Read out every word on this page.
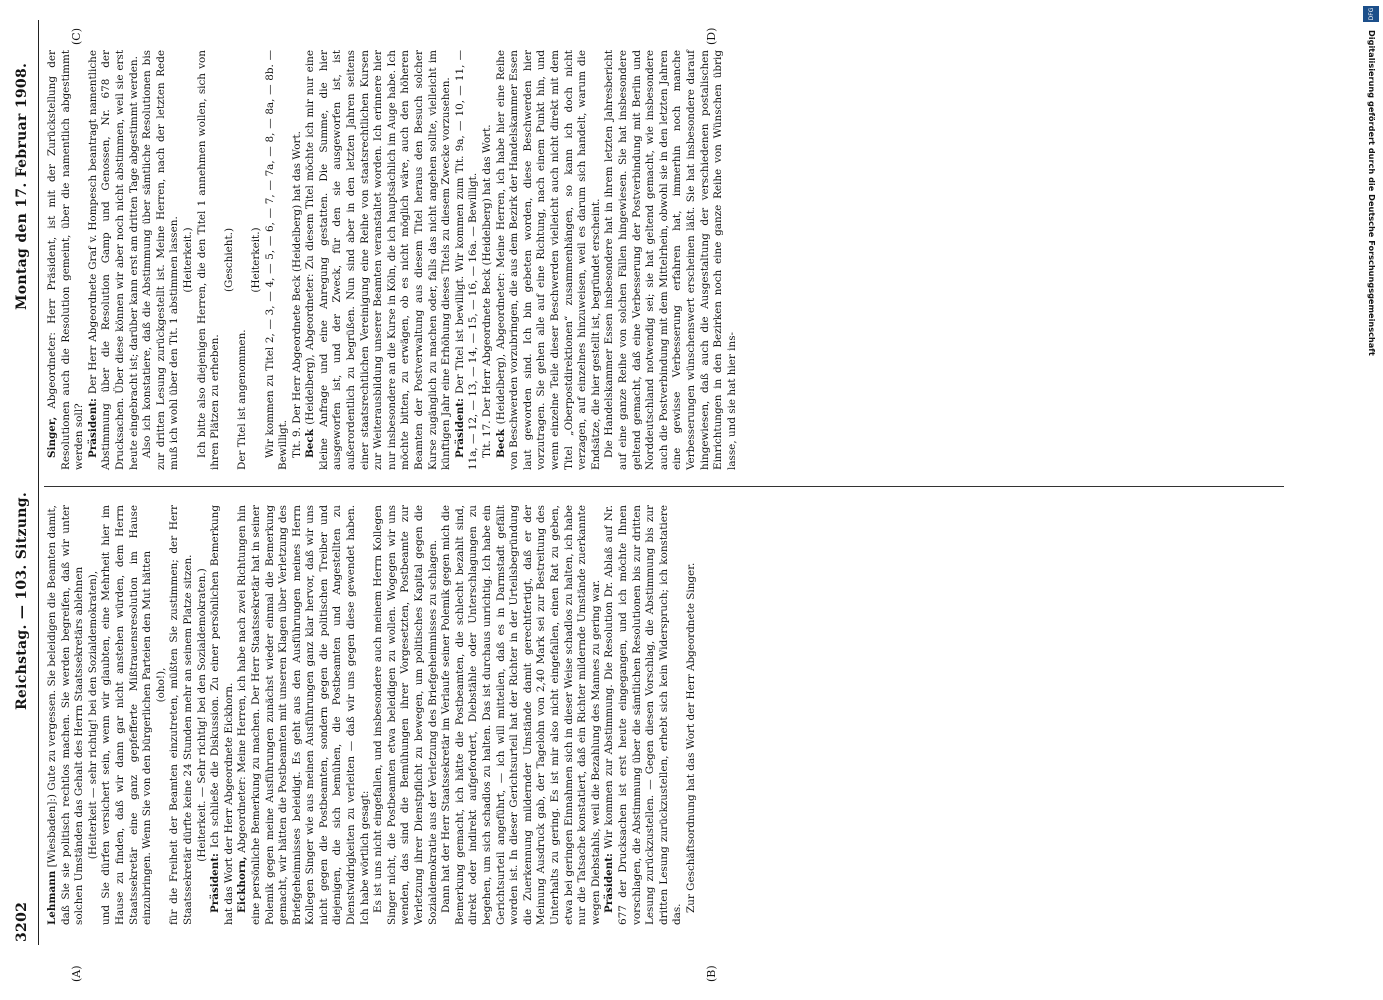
3202
Reichstag. — 103. Sitzung.
Montag den 17. Februar 1908.
(A)	(B)
(C)	(D)

Lehmann [Wiesbaden]:) Gute zu vergessen. Sie beleidigen die Beamten damit, daß Sie sie politisch rechtlos machen. Sie werden begreifen, daß wir unter solchen Umständen das Gehalt des Herrn Staatssekretärs ablehnen (Heiterkeit — sehr richtig! bei den Sozialdemokraten), und Sie dürfen versichert sein, wenn wir glaubten, eine Mehrheit hier im Hause zu finden, daß wir dann gar nicht anstehen würden, dem Herrn Staatssekretär eine ganz gepfefferte Mißtrauensresolution im Hause einzubringen. Wenn Sie von den bürgerlichen Parteien den Mut hätten (oho!), für die Freiheit der Beamten einzutreten, müßten Sie zustimmen; der Herr Staatssekretär dürfte keine 24 Stunden mehr an seinem Platze sitzen. (Heiterkeit. — Sehr richtig! bei den Sozialdemokraten.)

Präsident: Ich schließe die Diskussion. Zu einer persönlichen Bemerkung hat das Wort der Herr Abgeordnete Eickhorn. Eickhorn, Abgeordneter: Meine Herren, ich habe nach zwei Richtungen hin eine persönliche Bemerkung zu machen. Der Herr Staatssekretär hat in seiner Polemik gegen meine Ausführungen zunächst wieder einmal die Bemerkung gemacht, wir hätten die Postbeamten mit unseren Klagen über Verletzung des Briefgeheimnisses beleidigt. Es geht aus den Ausführungen meines Herrn Kollegen Singer wie aus meinen Ausführungen ganz klar hervor, daß wir uns nicht gegen die Postbeamten, sondern gegen die politischen Treiber und diejenigen, die sich bemühen, die Postbeamten und Angestellten zu Dienstwidrigkeiten zu verleiten — daß wir uns gegen diese gewendet haben. Ich habe wörtlich gesagt: Es ist uns nicht eingefallen, und insbesondere auch meinem Herrn Kollegen Singer nicht, die Postbeamten etwa beleidigen zu wollen. Wogegen wir uns wenden, das sind die Bemühungen ihrer Vorgesetzten, Postbeamte zur Verletzung ihrer Dienstpflicht zu bewegen, um politisches Kapital gegen die Sozialdemokratie aus der Verletzung des Briefgeheimnisses zu schlagen. Dann hat der Herr Staatssekretär im Verlaufe seiner Polemik gegen mich die Bemerkung gemacht, ich hätte die Postbeamten, die schlecht bezahlt sind, direkt oder indirekt aufgefordert, Diebstähle oder Unterschlagungen zu begehen, um sich schadlos zu halten. Das ist durchaus unrichtig. Ich habe ein Gerichtsurteil angeführt, — ich will mitteilen, daß es in Darmstadt gefällt worden ist. In dieser Gerichtsurteil hat der Richter in der Urteilsbegründung die Zuerkennung mildernder Umstände damit gerechtfertigt, daß er der Meinung Ausdruck gab, der Tagelohn von 2,40 Mark sei zur Bestreitung des Unterhalts zu gering. Es ist mir also nicht eingefallen, einen Rat zu geben, etwa bei geringen Einnahmen sich in dieser Weise schadlos zu halten, ich habe nur die Tatsache konstatiert, daß ein Richter mildernde Umstände zuerkannte wegen Diebstahls, weil die Bezahlung des Mannes zu gering war. Präsident: Wir kommen zur Abstimmung. Die Resolution Dr. Ablaß auf Nr. 677 der Drucksachen ist erst heute eingegangen, und ich möchte Ihnen vorschlagen, die Abstimmung über die sämtlichen Resolutionen bis zur dritten Lesung zurückzustellen. — Gegen diesen Vorschlag, die Abstimmung bis zur dritten Lesung zurückzustellen, erhebt sich kein Widerspruch; ich konstatiere das.

Zur Geschäftsordnung hat das Wort der Herr Abgeordnete Singer.

Singer, Abgeordneter: Herr Präsident, ist mit der Zurückstellung der Resolutionen auch die Resolution gemeint, über die namentlich abgestimmt werden soll? Präsident: Der Herr Abgeordnete Graf v. Hompesch beantragt namentliche Abstimmung über die Resolution Gamp und Genossen, Nr. 678 der Drucksachen. Über diese können wir aber noch nicht abstimmen, weil sie erst heute eingebracht ist; darüber kann erst am dritten Tage abgestimmt werden. Also ich konstatiere, daß die Abstimmung über sämtliche Resolutionen bis zur dritten Lesung zurückgestellt ist. Meine Herren, nach der letzten Rede muß ich wohl über den Tit. 1 abstimmen lassen. (Heiterkeit.) Ich bitte also diejenigen Herren, die den Titel 1 annehmen wollen, sich von ihren Plätzen zu erheben.

(Geschieht.)

Der Titel ist angenommen.

(Heiterkeit.) Wir kommen zu Titel 2, — 3, — 4, — 5, — 6, — 7, — 7a, — 8, — 8a, — 8b. — Bewilligt. Tit. 9. Der Herr Abgeordnete Beck (Heidelberg) hat das Wort. Beck (Heidelberg), Abgeordneter: Zu diesem Titel möchte ich mir nur eine kleine Anfrage und eine Anregung gestatten. Die Summe, die hier ausgeworfen ist, und der Zweck, für den sie ausgeworfen ist, ist außerordentlich zu begrüßen. Nun sind aber in den letzten Jahren seitens einer staatsrechtlichen Vereinigung eine Reihe von staatsrechtlichen Kursen zur Weiterausbildung unserer Beamten veranstaltet worden. Ich erinnere hier nur insbesondere an die Kurse in Köln, die ich hauptsächlich im Auge habe. Ich möchte bitten, zu erwägen, ob es nicht möglich wäre, auch den höheren Beamten der Postverwaltung aus diesem Titel heraus den Besuch solcher Kurse zugänglich zu machen oder, falls das nicht angehen sollte, vielleicht im künftigen Jahr eine Erhöhung dieses Titels zu diesem Zwecke vorzusehen. Präsident: Der Titel ist bewilligt. Wir kommen zum Tit. 9a, — 10, — 11, — 11a, — 12, — 13, — 14, — 15, — 16, — 16a. — Bewilligt. Tit. 17. Der Herr Abgeordnete Beck (Heidelberg) hat das Wort. Beck (Heidelberg), Abgeordneter: Meine Herren, ich habe hier eine Reihe von Beschwerden vorzubringen, die aus dem Bezirk der Handelskammer Essen laut geworden sind. Ich bin gebeten worden, diese Beschwerden hier vorzutragen. Sie gehen alle auf eine Richtung, nach einem Punkt hin, und wenn einzelne Teile dieser Beschwerden vielleicht auch nicht direkt mit dem Titel „Oberpostdirektionen“ zusammenhängen, so kann ich doch nicht verzagen, auf einzelnes hinzuweisen, weil es darum sich handelt, warum die Endsätze, die hier gestellt ist, begründet erscheint. Die Handelskammer Essen insbesondere hat in ihrem letzten Jahresbericht auf eine ganze Reihe von solchen Fällen hingewiesen. Sie hat insbesondere geltend gemacht, daß eine Verbesserung der Postverbindung mit Berlin und Norddeutschland notwendig sei; sie hat geltend gemacht, wie insbesondere auch die Postverbindung mit dem Mittelrhein, obwohl sie in den letzten Jahren eine gewisse Verbesserung erfahren hat, immerhin noch manche Verbesserungen wünschenswert erscheinen läßt. Sie hat insbesondere darauf hingewiesen, daß auch die Ausgestaltung der verschiedenen postalischen Einrichtungen in den Bezirken noch eine ganze Reihe von Wünschen übrig lasse, und sie hat hier ins-

DFG
Digitalisierung gefördert durch die Deutsche Forschungsgemeinschaft
